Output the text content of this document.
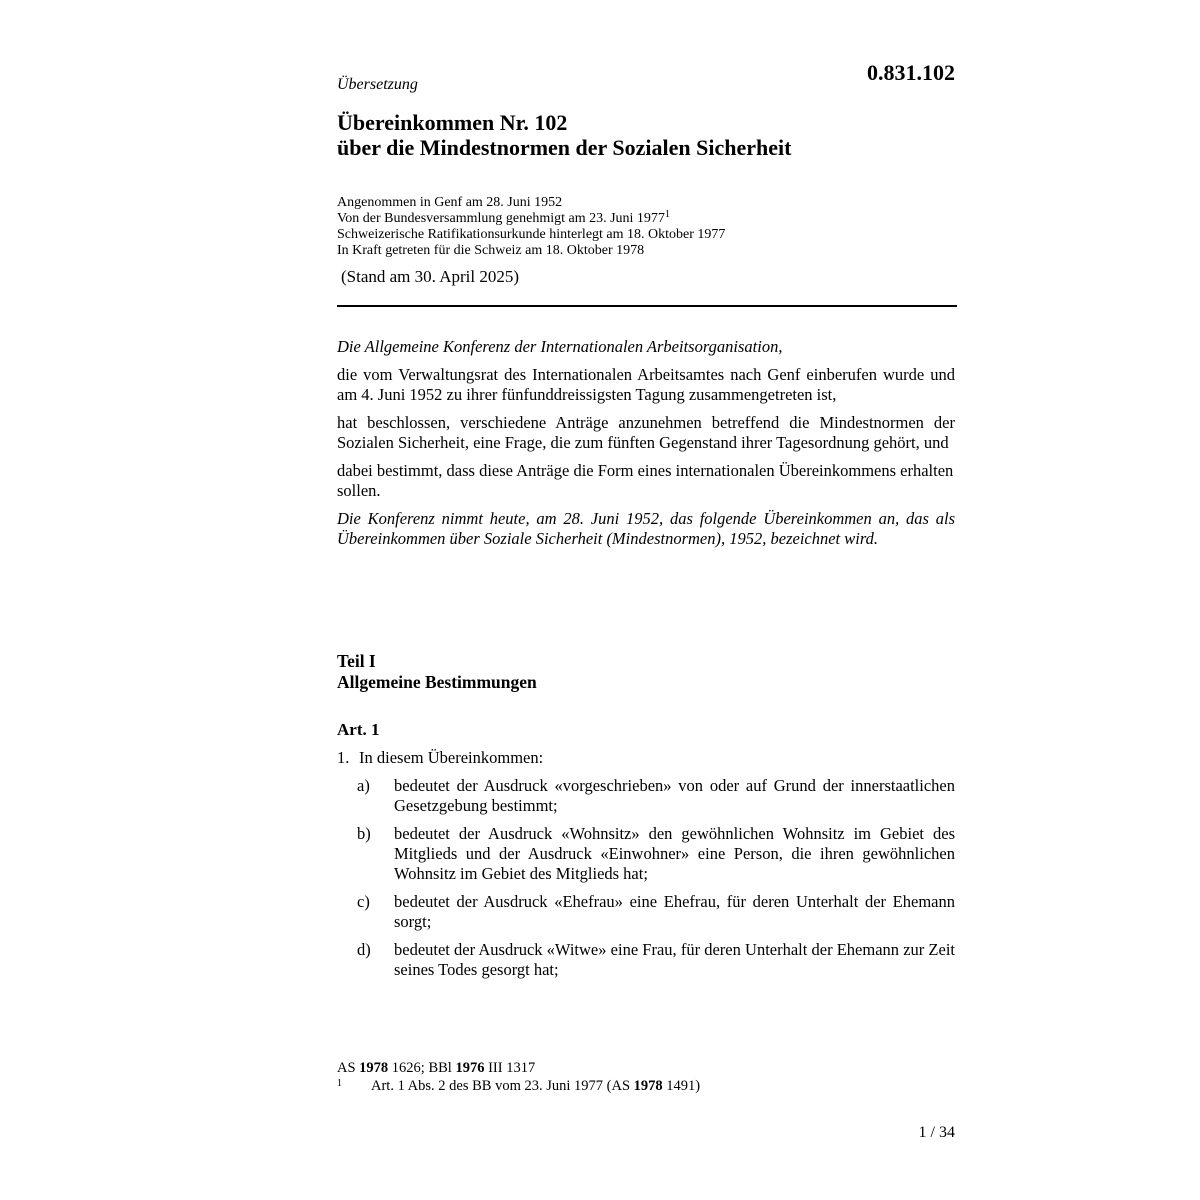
0.831.102
Übersetzung
Übereinkommen Nr. 102
über die Mindestnormen der Sozialen Sicherheit
Angenommen in Genf am 28. Juni 1952
Von der Bundesversammlung genehmigt am 23. Juni 1977$^1$
Schweizerische Ratifikationsurkunde hinterlegt am 18. Oktober 1977
In Kraft getreten für die Schweiz am 18. Oktober 1978
(Stand am 30. April 2025)

Die Allgemeine Konferenz der Internationalen Arbeitsorganisation,

die vom Verwaltungsrat des Internationalen Arbeitsamtes nach Genf einberufen wurde und am 4. Juni 1952 zu ihrer fünfunddreissigsten Tagung zusammengetreten ist,

hat beschlossen, verschiedene Anträge anzunehmen betreffend die Mindestnormen der Sozialen Sicherheit, eine Frage, die zum fünften Gegenstand ihrer Tagesordnung gehört, und

dabei bestimmt, dass diese Anträge die Form eines internationalen Übereinkommens erhalten sollen.

Die Konferenz nimmt heute, am 28. Juni 1952, das folgende Übereinkommen an, das als Übereinkommen über Soziale Sicherheit (Mindestnormen), 1952, bezeichnet wird.

Teil I
Allgemeine Bestimmungen
Art. 1
1. In diesem Übereinkommen:
a)	bedeutet der Ausdruck «vorgeschrieben» von oder auf Grund der innerstaatlichen Gesetzgebung bestimmt;
b)	bedeutet der Ausdruck «Wohnsitz» den gewöhnlichen Wohnsitz im Gebiet des Mitglieds und der Ausdruck «Einwohner» eine Person, die ihren gewöhnlichen Wohnsitz im Gebiet des Mitglieds hat;
c)	bedeutet der Ausdruck «Ehefrau» eine Ehefrau, für deren Unterhalt der Ehemann sorgt;
d)	bedeutet der Ausdruck «Witwe» eine Frau, für deren Unterhalt der Ehemann zur Zeit seines Todes gesorgt hat;
AS 1978 1626; BBl 1976 III 1317
1	Art. 1 Abs. 2 des BB vom 23. Juni 1977 (AS 1978 1491)
1 / 34
